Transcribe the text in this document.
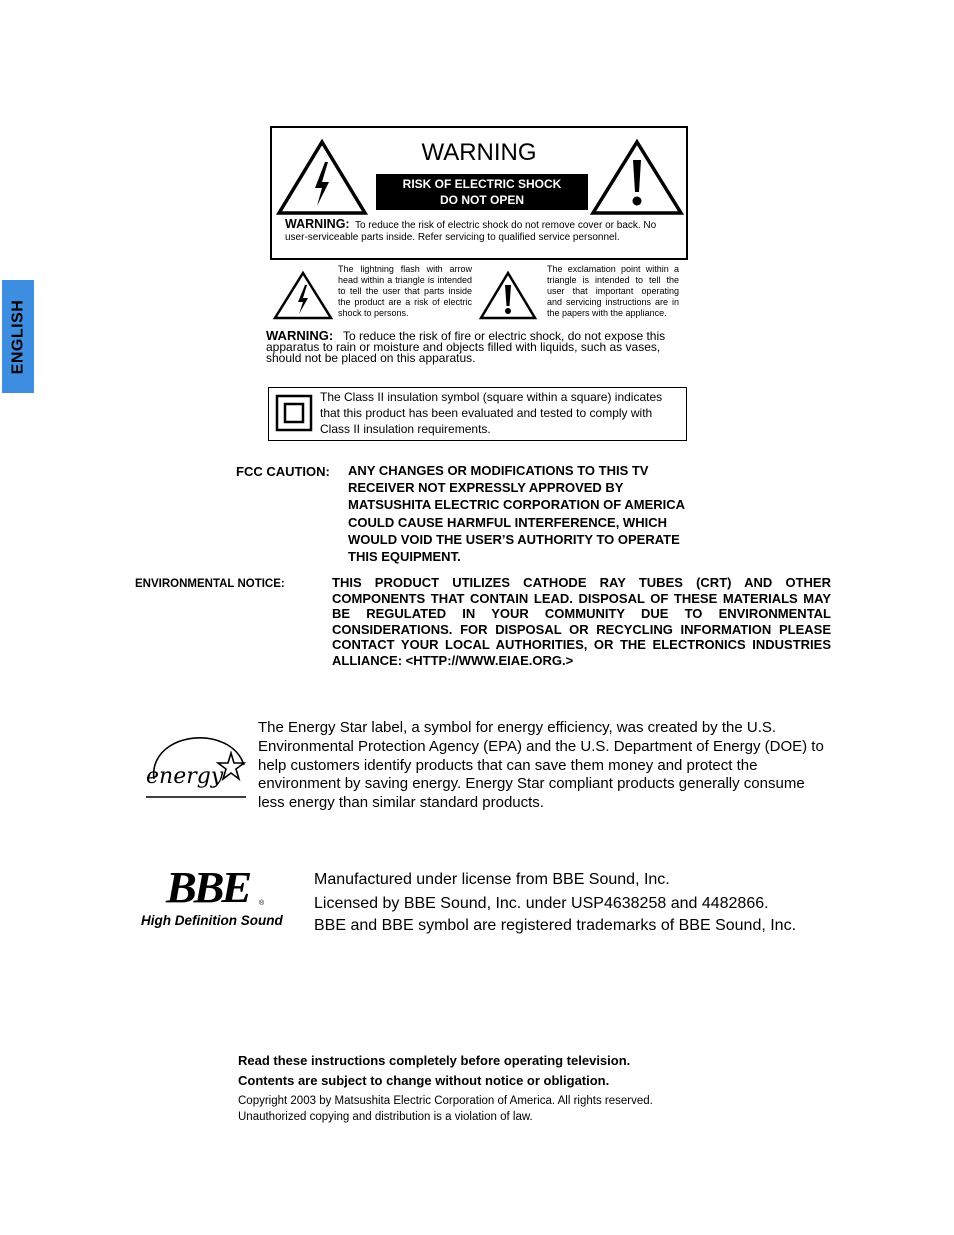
ENGLISH
WARNING
RISK OF ELECTRIC SHOCK
DO NOT OPEN
WARNING: To reduce the risk of electric shock do not remove cover or back. No user-serviceable parts inside. Refer servicing to qualified service personnel.
The lightning flash with arrow head within a triangle is intended to tell the user that parts inside the product are a risk of electric shock to persons.
The exclamation point within a triangle is intended to tell the user that important operating and servicing instructions are in the papers with the appliance.
WARNING: To reduce the risk of fire or electric shock, do not expose this apparatus to rain or moisture and objects filled with liquids, such as vases, should not be placed on this apparatus.
The Class II insulation symbol (square within a square) indicates that this product has been evaluated and tested to comply with Class II insulation requirements.
FCC CAUTION: ANY CHANGES OR MODIFICATIONS TO THIS TV
RECEIVER NOT EXPRESSLY APPROVED BY
MATSUSHITA ELECTRIC CORPORATION OF AMERICA
COULD CAUSE HARMFUL INTERFERENCE, WHICH
WOULD VOID THE USER’S AUTHORITY TO OPERATE
THIS EQUIPMENT.
ENVIRONMENTAL NOTICE:	THIS PRODUCT UTILIZES CATHODE RAY TUBES (CRT) AND OTHER COMPONENTS THAT CONTAIN LEAD. DISPOSAL OF THESE MATERIALS MAY BE REGULATED IN YOUR COMMUNITY DUE TO ENVIRONMENTAL CONSIDERATIONS. FOR DISPOSAL OR RECYCLING INFORMATION PLEASE CONTACT YOUR LOCAL AUTHORITIES, OR THE ELECTRONICS INDUSTRIES ALLIANCE: <HTTP://WWW.EIAE.ORG.>
energy
The Energy Star label, a symbol for energy efficiency, was created by the U.S. Environmental Protection Agency (EPA) and the U.S. Department of Energy (DOE) to help customers identify products that can save them money and protect the environment by saving energy. Energy Star compliant products generally consume less energy than similar standard products.
BBE ®
High Definition Sound
Manufactured under license from BBE Sound, Inc.
Licensed by BBE Sound, Inc. under USP4638258 and 4482866.
BBE and BBE symbol are registered trademarks of BBE Sound, Inc.
Read these instructions completely before operating television.
Contents are subject to change without notice or obligation.
Copyright 2003 by Matsushita Electric Corporation of America. All rights reserved.
Unauthorized copying and distribution is a violation of law.
